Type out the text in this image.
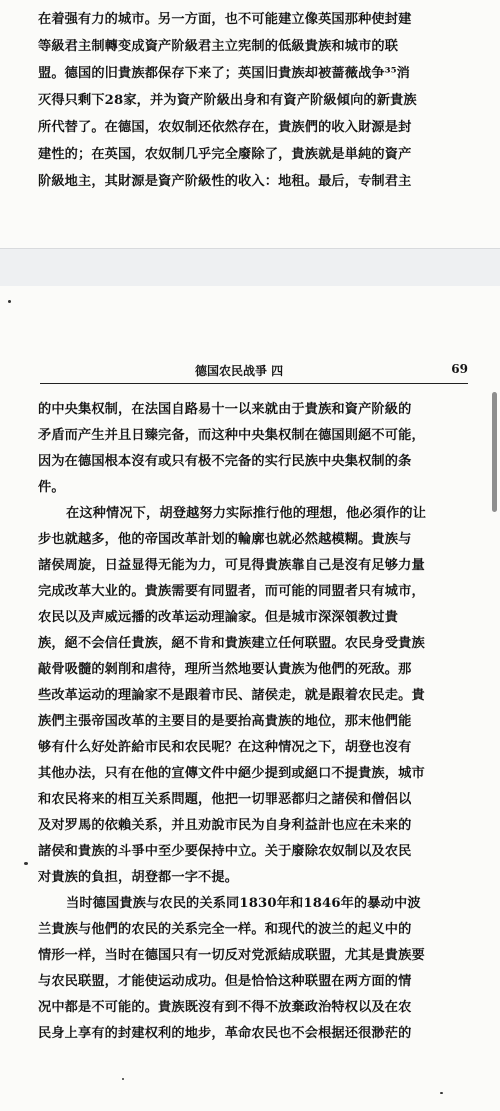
在着强有力的城市。另一方面，也不可能建立像英国那种使封建
等級君主制轉变成資产阶級君主立宪制的低級貴族和城市的联
盟。德国的旧貴族都保存下来了；英国旧貴族却被蔷薇战争³⁵消
灭得只剩下28家，并为資产阶級出身和有資产阶級傾向的新貴族
所代替了。在德国，农奴制还依然存在，貴族們的收入財源是封
建性的；在英国，农奴制几乎完全廢除了，貴族就是単純的資产
阶級地主，其財源是資产阶級性的收入：地租。最后，专制君主
德国农民战爭 四	69
的中央集权制，在法国自路易十一以来就由于貴族和資产阶級的
矛盾而产生并且日臻完备，而这种中央集权制在德国則絕不可能，
因为在德国根本沒有或只有极不完备的实行民族中央集权制的条
件。
在这种情况下，胡登越努力实际推行他的理想，他必須作的让
步也就越多，他的帝国改革計划的輪廓也就必然越模糊。貴族与
諸侯周旋，日益显得无能为力，可見得貴族靠自己是沒有足够力量
完成改革大业的。貴族需要有同盟者，而可能的同盟者只有城市，
农民以及声威远播的改革运动理論家。但是城市深深領教过貴
族，絕不会信任貴族，絕不肯和貴族建立任何联盟。农民身受貴族
敲骨吸髓的剝削和虐待，理所当然地要认貴族为他們的死敌。那
些改革运动的理論家不是跟着市民、諸侯走，就是跟着农民走。貴
族們主張帝国改革的主要目的是要抬高貴族的地位，那末他們能
够有什么好处許給市民和农民呢？在这种情况之下，胡登也沒有
其他办法，只有在他的宣傳文件中絕少提到或絕口不提貴族，城市
和农民将来的相互关系問題，他把一切罪恶都归之諸侯和僧侶以
及对罗馬的依賴关系，并且劝說市民为自身利益計也应在未来的
諸侯和貴族的斗爭中至少要保持中立。关于廢除农奴制以及农民
对貴族的負担，胡登都一字不提。
当时德国貴族与农民的关系同1830年和1846年的暴动中波
兰貴族与他們的农民的关系完全一样。和现代的波兰的起义中的
情形一样，当时在德国只有一切反对党派結成联盟，尤其是貴族要
与农民联盟，才能使运动成功。但是恰恰这种联盟在两方面的情
况中都是不可能的。貴族既沒有到不得不放棄政治特权以及在农
民身上享有的封建权利的地步，革命农民也不会根据还很渺茫的
